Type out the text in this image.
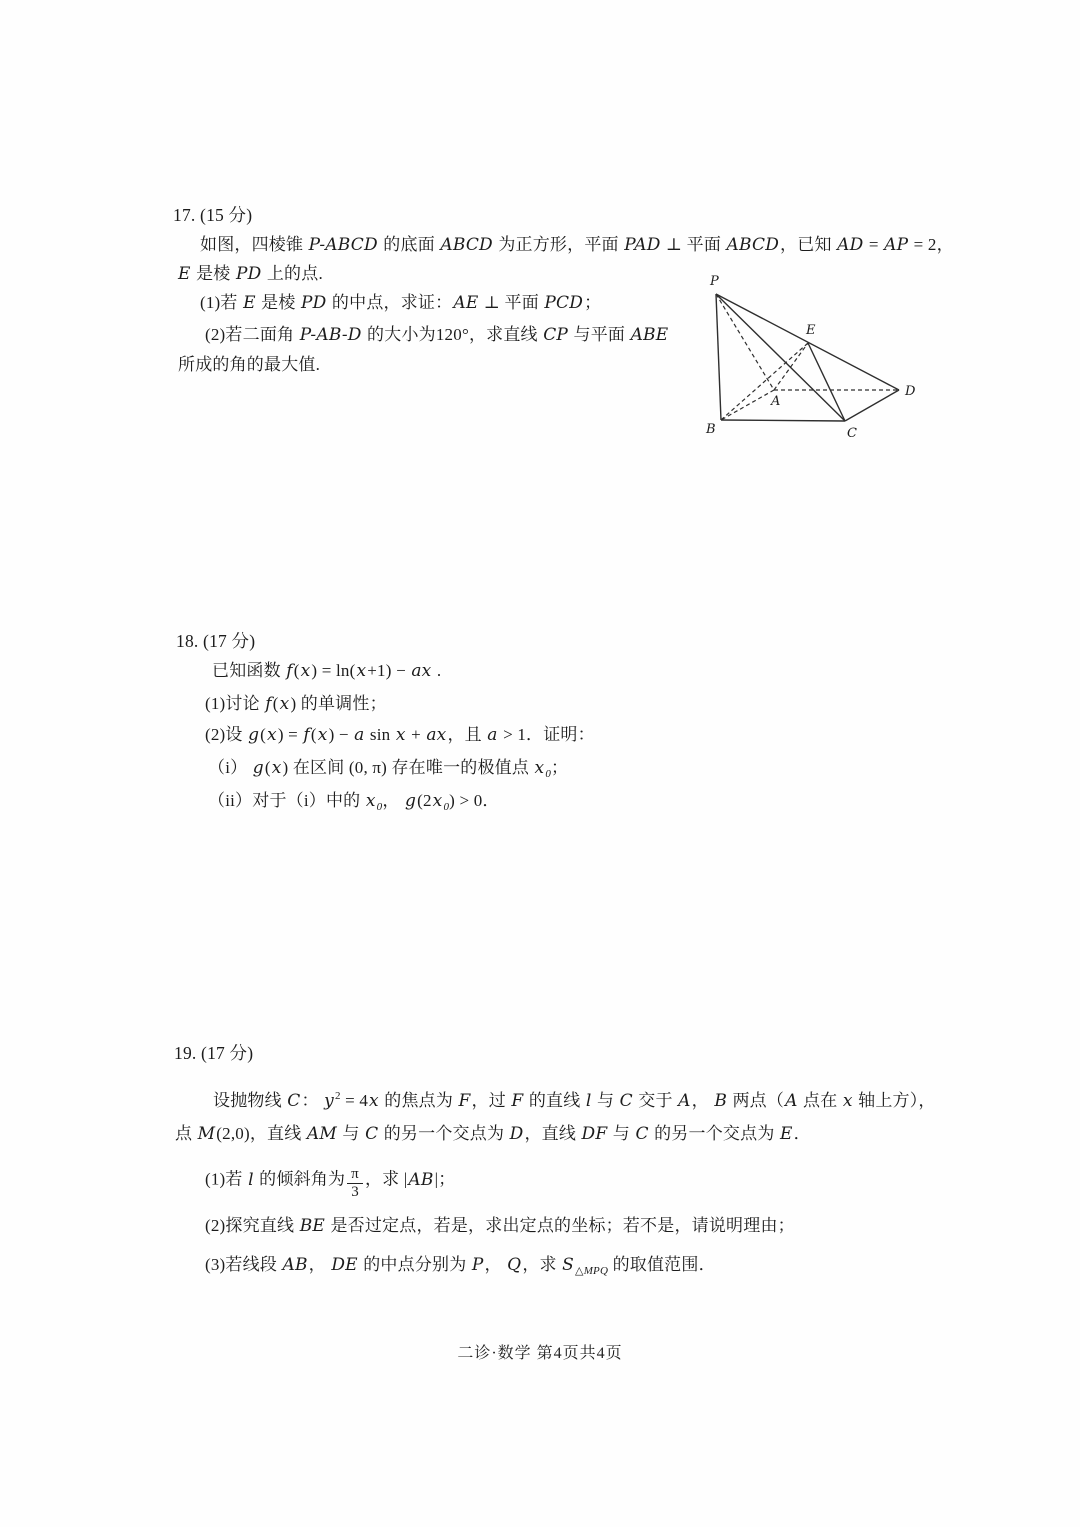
17. (15 分)
如图，四棱锥 P-ABCD 的底面 ABCD 为正方形，平面 PAD ⊥ 平面 ABCD，已知 AD = AP = 2，
E 是棱 PD 上的点.
(1)若 E 是棱 PD 的中点，求证：AE ⊥ 平面 PCD；
(2)若二面角 P-AB-D 的大小为120°，求直线 CP 与平面 ABE
所成的角的最大值.
P
E
D
A
B	C
18. (17 分)
已知函数 f(x) = ln(x+1) − ax .
(1)讨论 f(x) 的单调性；
(2)设 g(x) = f(x) − a sin x + ax，且 a > 1．证明：
（i） g(x) 在区间 (0, π) 存在唯一的极值点 $x_0$；
（ii）对于（i）中的 $x_0$， $g(2x_0) > 0$．
19. (17 分)
设抛物线 C： $y^2 = 4x$ 的焦点为 F，过 F 的直线 l 与 C 交于 A， B 两点（A 点在 x 轴上方），
点 M(2,0)，直线 AM 与 C 的另一个交点为 D，直线 DF 与 C 的另一个交点为 E．
(1)若 l 的倾斜角为 $\frac{\pi}{3}$ ，求 |AB|；
(2)探究直线 BE 是否过定点，若是，求出定点的坐标；若不是，请说明理由；
(3)若线段 AB， DE 的中点分别为 P， Q，求 $S_{\triangle MPQ}$ 的取值范围．
二诊·数学 第4页共4页
